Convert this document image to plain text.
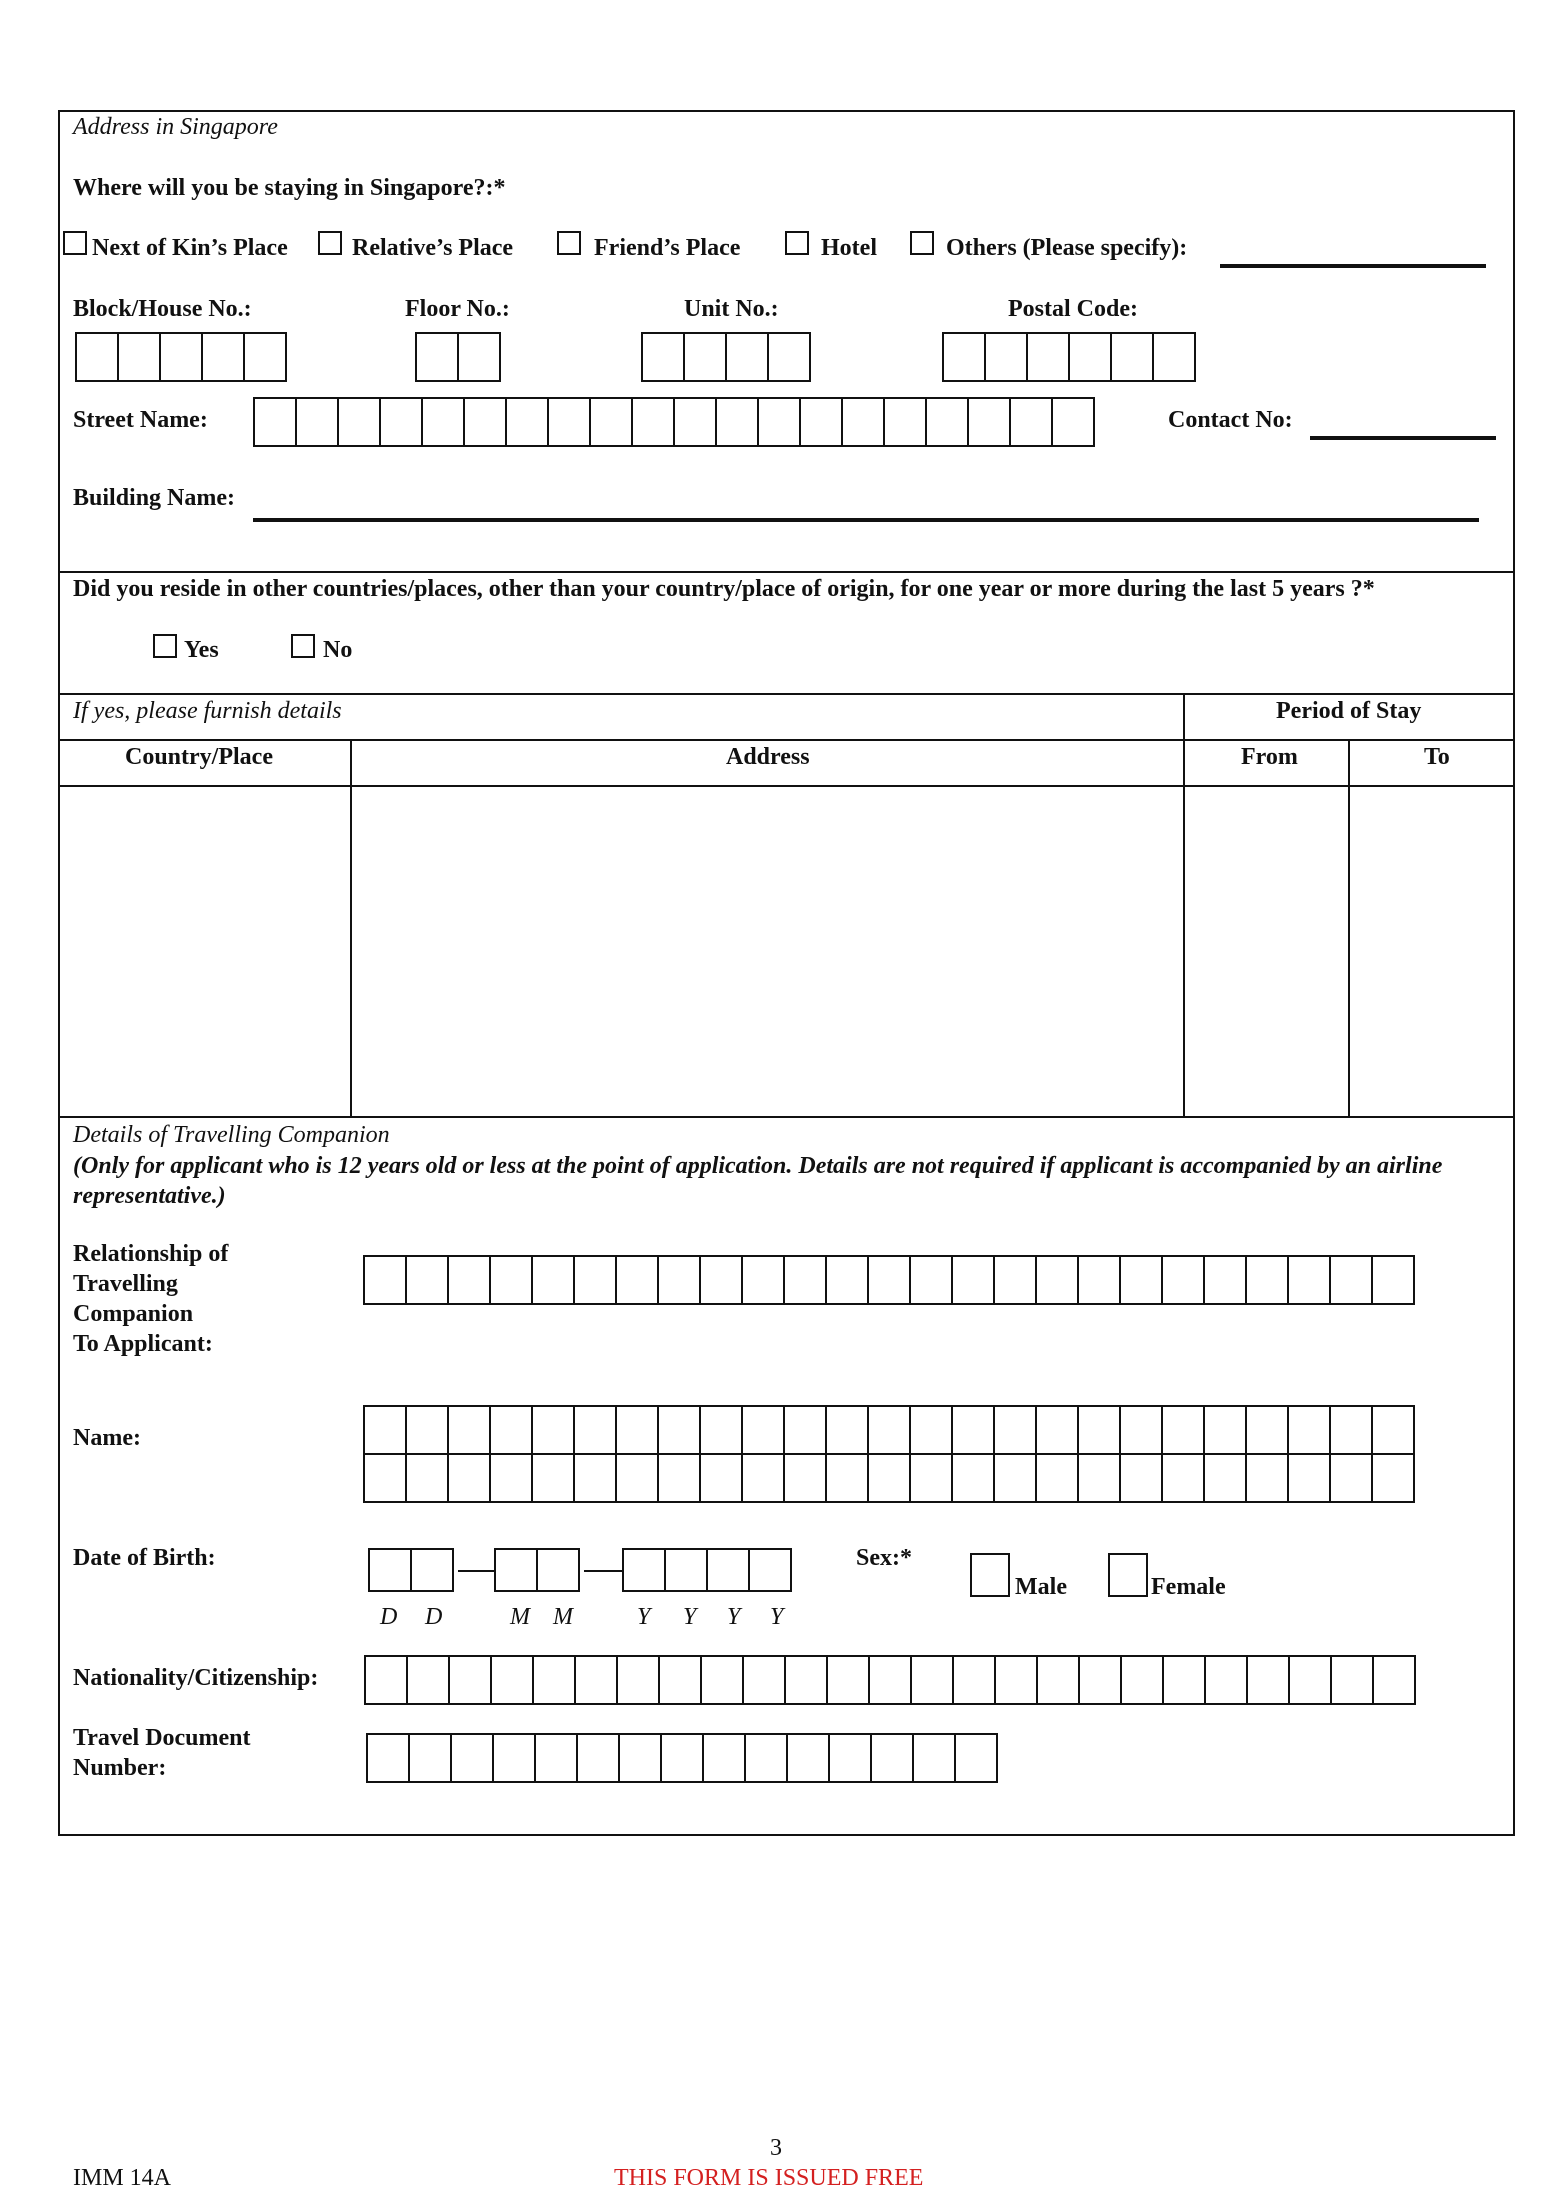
Address in Singapore
Where will you be staying in Singapore?:*
Next of Kin’s Place	Relative’s Place	Friend’s Place	Hotel	Others (Please specify):
Block/House No.:	Floor No.:	Unit No.:	Postal Code:
Street Name:	Contact No:
Building Name:
Did you reside in other countries/places, other than your country/place of origin, for one year or more during the last 5 years ?*
Yes	No
If yes, please furnish details	Period of Stay
Country/Place	Address	From	To
Details of Travelling Companion
(Only for applicant who is 12 years old or less at the point of application. Details are not required if applicant is accompanied by an airline representative.)
Relationship of
Travelling
Companion
To Applicant:
Name:
Date of Birth:
D D	M M	Y Y Y Y
Sex:*
Male	Female
Nationality/Citizenship:
Travel Document
Number:
3
IMM 14A	THIS FORM IS ISSUED FREE
